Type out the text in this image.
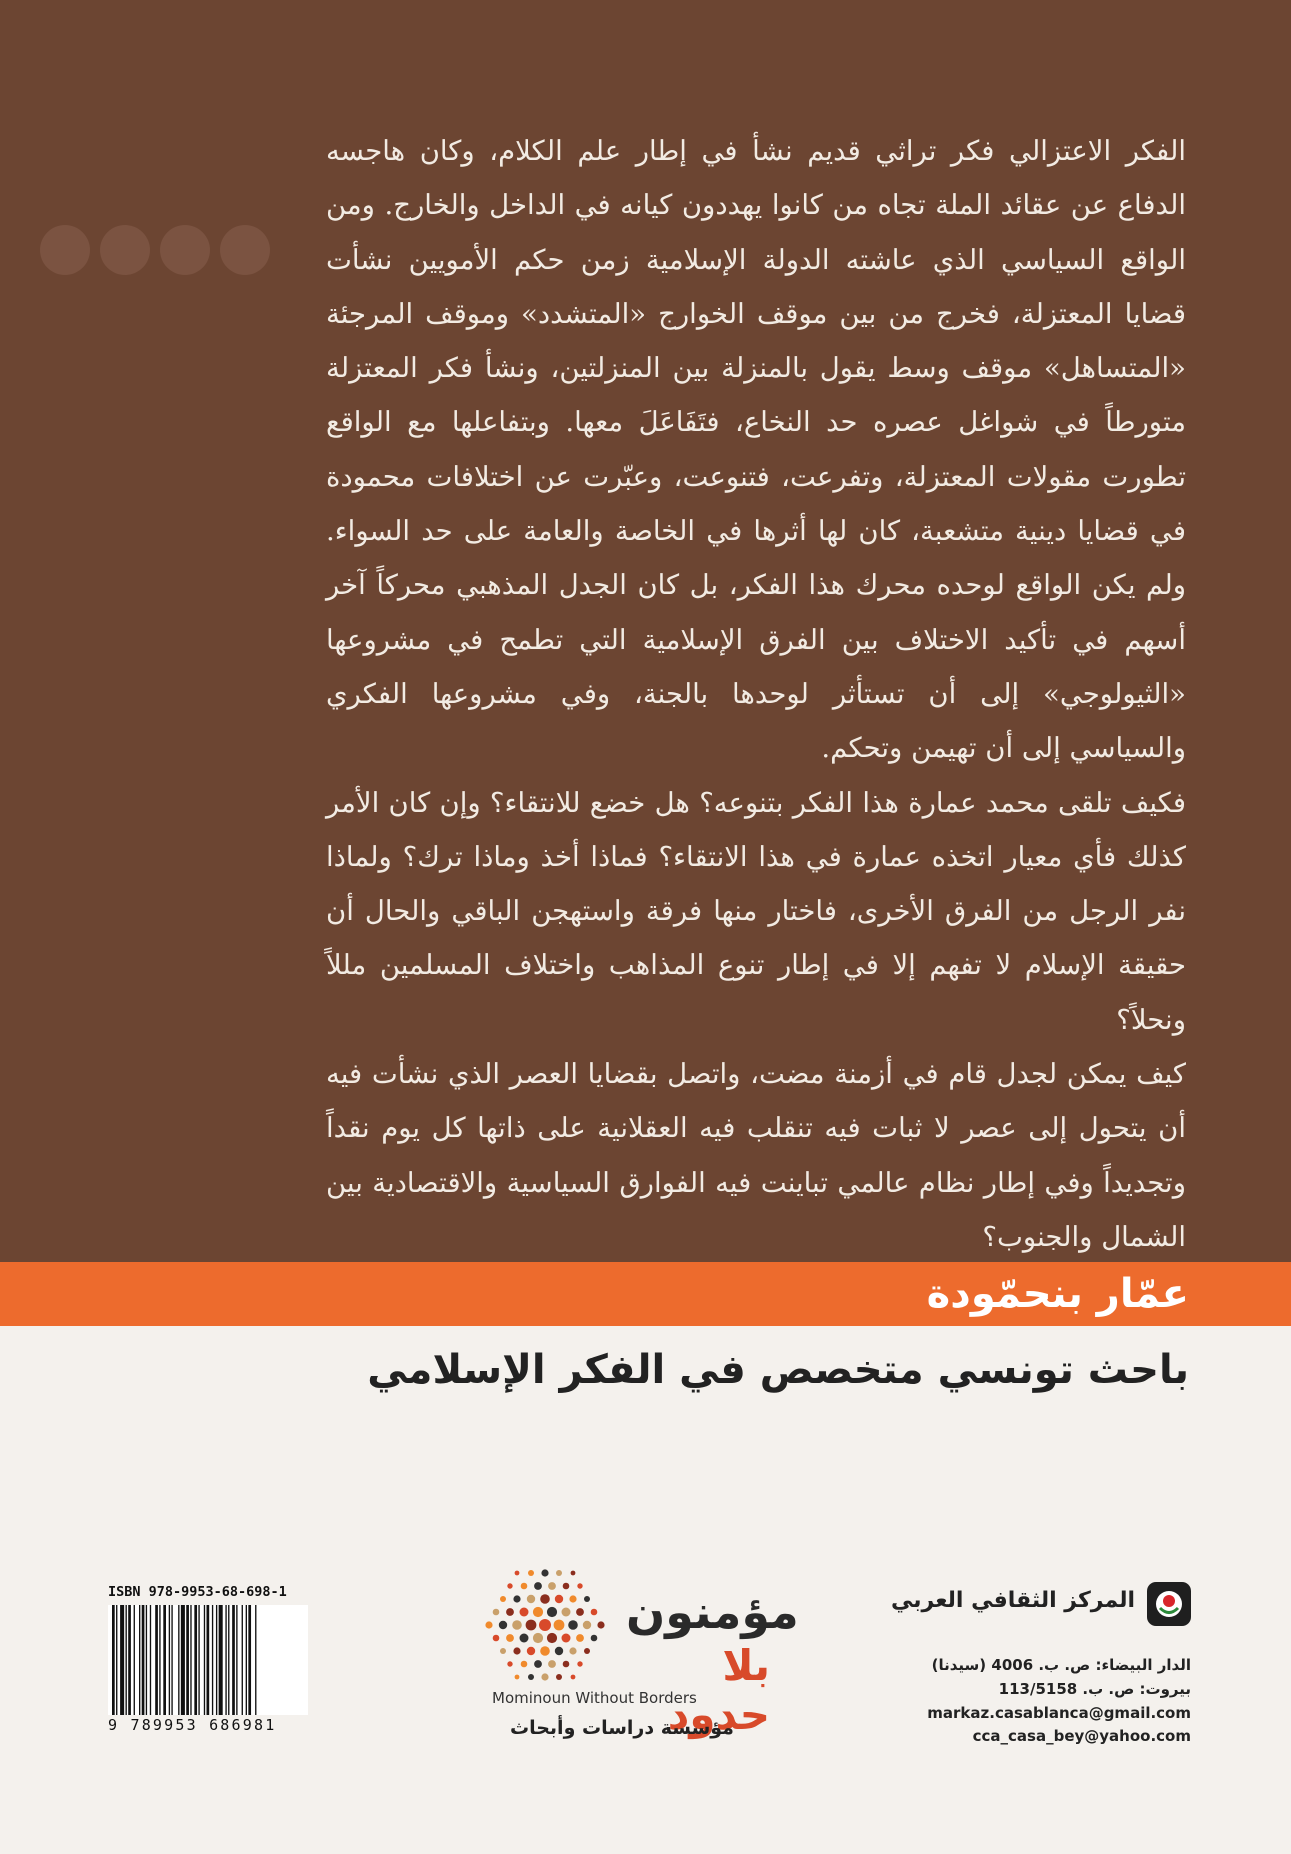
الفكر الاعتزالي فكر تراثي قديم نشأ في إطار علم الكلام، وكان هاجسه الدفاع عن عقائد الملة تجاه من كانوا يهددون كيانه في الداخل والخارج. ومن الواقع السياسي الذي عاشته الدولة الإسلامية زمن حكم الأمويين نشأت قضايا المعتزلة، فخرج من بين موقف الخوارج «المتشدد» وموقف المرجئة «المتساهل» موقف وسط يقول بالمنزلة بين المنزلتين، ونشأ فكر المعتزلة متورطاً في شواغل عصره حد النخاع، فتَفَاعَلَ معها. وبتفاعلها مع الواقع تطورت مقولات المعتزلة، وتفرعت، فتنوعت، وعبّرت عن اختلافات محمودة في قضايا دينية متشعبة، كان لها أثرها في الخاصة والعامة على حد السواء. ولم يكن الواقع لوحده محرك هذا الفكر، بل كان الجدل المذهبي محركاً آخر أسهم في تأكيد الاختلاف بين الفرق الإسلامية التي تطمح في مشروعها «الثيولوجي» إلى أن تستأثر لوحدها بالجنة، وفي مشروعها الفكري والسياسي إلى أن تهيمن وتحكم.

فكيف تلقى محمد عمارة هذا الفكر بتنوعه؟ هل خضع للانتقاء؟ وإن كان الأمر كذلك فأي معيار اتخذه عمارة في هذا الانتقاء؟ فماذا أخذ وماذا ترك؟ ولماذا نفر الرجل من الفرق الأخرى، فاختار منها فرقة واستهجن الباقي والحال أن حقيقة الإسلام لا تفهم إلا في إطار تنوع المذاهب واختلاف المسلمين مللاً ونحلاً؟

كيف يمكن لجدل قام في أزمنة مضت، واتصل بقضايا العصر الذي نشأت فيه أن يتحول إلى عصر لا ثبات فيه تنقلب فيه العقلانية على ذاتها كل يوم نقداً وتجديداً وفي إطار نظام عالمي تباينت فيه الفوارق السياسية والاقتصادية بين الشمال والجنوب؟

عمّار بنحمّودة
باحث تونسي متخصص في الفكر الإسلامي
المركز الثقافي العربي
الدار البيضاء: ص. ب. 4006 (سيدنا)
بيروت: ص. ب. 113/5158
markaz.casablanca@gmail.com
cca_casa_bey@yahoo.com
مؤمنون
بلا حدود
Mominoun Without Borders
مؤسسة دراسات وأبحاث
ISBN 978-9953-68-698-1
9 789953 686981
